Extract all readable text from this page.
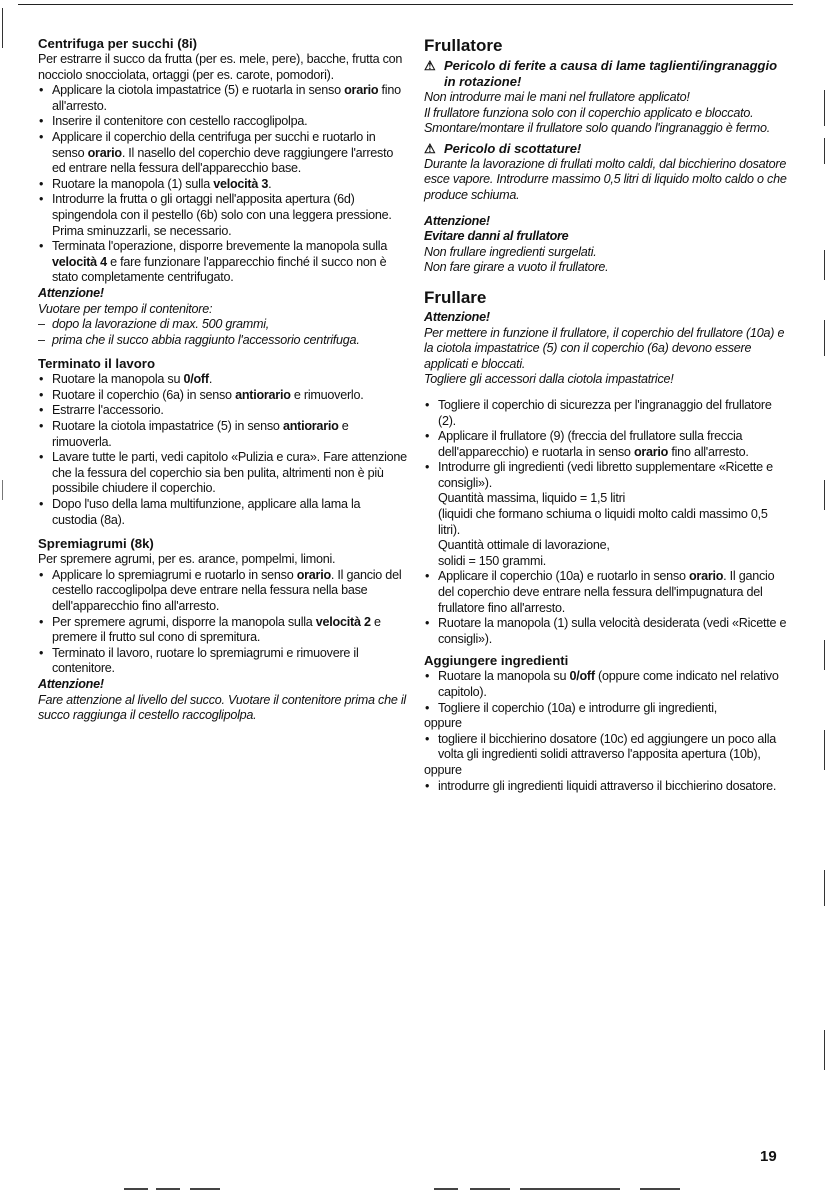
Centrifuga per succhi (8i)

Per estrarre il succo da frutta (per es. mele, pere), bacche, frutta con nocciolo snocciolata, ortaggi (per es. carote, pomodori).

• Applicare la ciotola impastatrice (5) e ruotarla in senso orario fino all'arresto.
• Inserire il contenitore con cestello raccoglipolpa.
• Applicare il coperchio della centrifuga per succhi e ruotarlo in senso orario. Il nasello del coperchio deve raggiungere l'arresto ed entrare nella fessura dell'apparecchio base.
• Ruotare la manopola (1) sulla velocità 3.
• Introdurre la frutta o gli ortaggi nell'apposita apertura (6d) spingendola con il pestello (6b) solo con una leggera pressione. Prima sminuzzarli, se necessario.
• Terminata l'operazione, disporre brevemente la manopola sulla velocità 4 e fare funzionare l'apparecchio finché il succo non è stato completamente centrifugato.

Attenzione!

Vuotare per tempo il contenitore:

– dopo la lavorazione di max. 500 grammi,
– prima che il succo abbia raggiunto l'accessorio centrifuga.
Terminato il lavoro
• Ruotare la manopola su 0/off.
• Ruotare il coperchio (6a) in senso antiorario e rimuoverlo.
• Estrarre l'accessorio.
• Ruotare la ciotola impastatrice (5) in senso antiorario e rimuoverla.
• Lavare tutte le parti, vedi capitolo «Pulizia e cura». Fare attenzione che la fessura del coperchio sia ben pulita, altrimenti non è più possibile chiudere il coperchio.
• Dopo l'uso della lama multifunzione, applicare alla lama la custodia (8a).
Spremiagrumi (8k)

Per spremere agrumi, per es. arance, pompelmi, limoni.

• Applicare lo spremiagrumi e ruotarlo in senso orario. Il gancio del cestello raccoglipolpa deve entrare nella fessura nella base dell'apparecchio fino all'arresto.
• Per spremere agrumi, disporre la manopola sulla velocità 2 e premere il frutto sul cono di spremitura.
• Terminato il lavoro, ruotare lo spremiagrumi e rimuovere il contenitore.

Attenzione!

Fare attenzione al livello del succo. Vuotare il contenitore prima che il succo raggiunga il cestello raccoglipolpa.

Frullatore

⚠ Pericolo di ferite a causa di lame taglienti/ingranaggio in rotazione!

Non introdurre mai le mani nel frullatore applicato!

Il frullatore funziona solo con il coperchio applicato e bloccato.

Smontare/montare il frullatore solo quando l'ingranaggio è fermo.

⚠ Pericolo di scottature!

Durante la lavorazione di frullati molto caldi, dal bicchierino dosatore esce vapore. Introdurre massimo 0,5 litri di liquido molto caldo o che produce schiuma.

Attenzione!

Evitare danni al frullatore

Non frullare ingredienti surgelati.

Non fare girare a vuoto il frullatore.

Frullare

Attenzione!

Per mettere in funzione il frullatore, il coperchio del frullatore (10a) e la ciotola impastatrice (5) con il coperchio (6a) devono essere applicati e bloccati.

Togliere gli accessori dalla ciotola impastatrice!

• Togliere il coperchio di sicurezza per l'ingranaggio del frullatore (2).
• Applicare il frullatore (9) (freccia del frullatore sulla freccia dell'apparecchio) e ruotarla in senso orario fino all'arresto.
• Introdurre gli ingredienti (vedi libretto supplementare «Ricette e consigli»).
Quantità massima, liquido = 1,5 litri
(liquidi che formano schiuma o liquidi molto caldi massimo 0,5 litri).
Quantità ottimale di lavorazione,
solidi = 150 grammi.
• Applicare il coperchio (10a) e ruotarlo in senso orario. Il gancio del coperchio deve entrare nella fessura dell'impugnatura del frullatore fino all'arresto.
• Ruotare la manopola (1) sulla velocità desiderata (vedi «Ricette e consigli»).
Aggiungere ingredienti
• Ruotare la manopola su 0/off (oppure come indicato nel relativo capitolo).
• Togliere il coperchio (10a) e introdurre gli ingredienti,

oppure

• togliere il bicchierino dosatore (10c) ed aggiungere un poco alla volta gli ingredienti solidi attraverso l'apposita apertura (10b),

oppure

• introdurre gli ingredienti liquidi attraverso il bicchierino dosatore.
19
